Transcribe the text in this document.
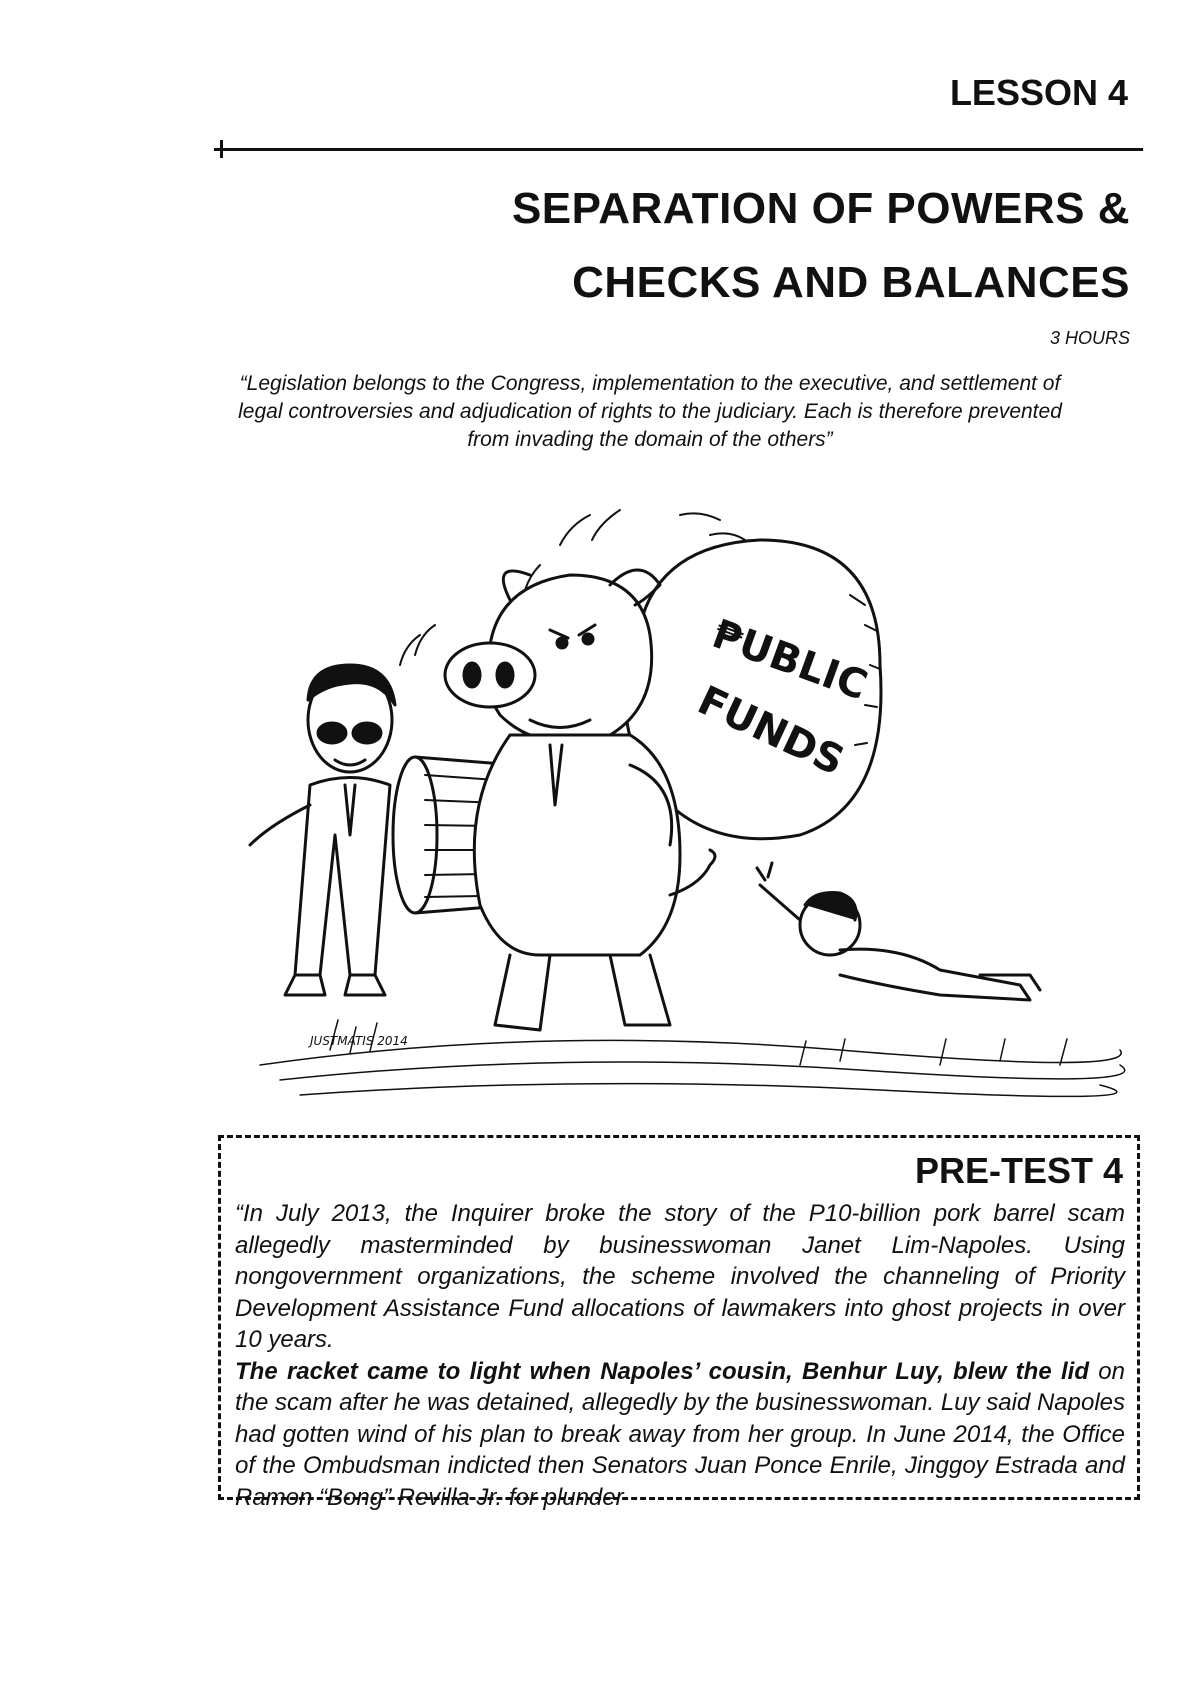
LESSON 4
SEPARATION OF POWERS &
CHECKS AND BALANCES
3 HOURS

“Legislation belongs to the Congress, implementation to the executive, and settlement of legal controversies and adjudication of rights to the judiciary. Each is therefore prevented from invading the domain of the others”

₱UBLIC
FUNDS
JUSTMATIS 2014
PRE-TEST 4

“In July 2013, the Inquirer broke the story of the P10-billion pork barrel scam allegedly masterminded by businesswoman Janet Lim-Napoles. Using nongovernment organizations, the scheme involved the channeling of Priority Development Assistance Fund allocations of lawmakers into ghost projects in over 10 years.
The racket came to light when Napoles’ cousin, Benhur Luy, blew the lid on the scam after he was detained, allegedly by the businesswoman. Luy said Napoles had gotten wind of his plan to break away from her group. In June 2014, the Office of the Ombudsman indicted then Senators Juan Ponce Enrile, Jinggoy Estrada and Ramon “Bong” Revilla Jr. for plunder
